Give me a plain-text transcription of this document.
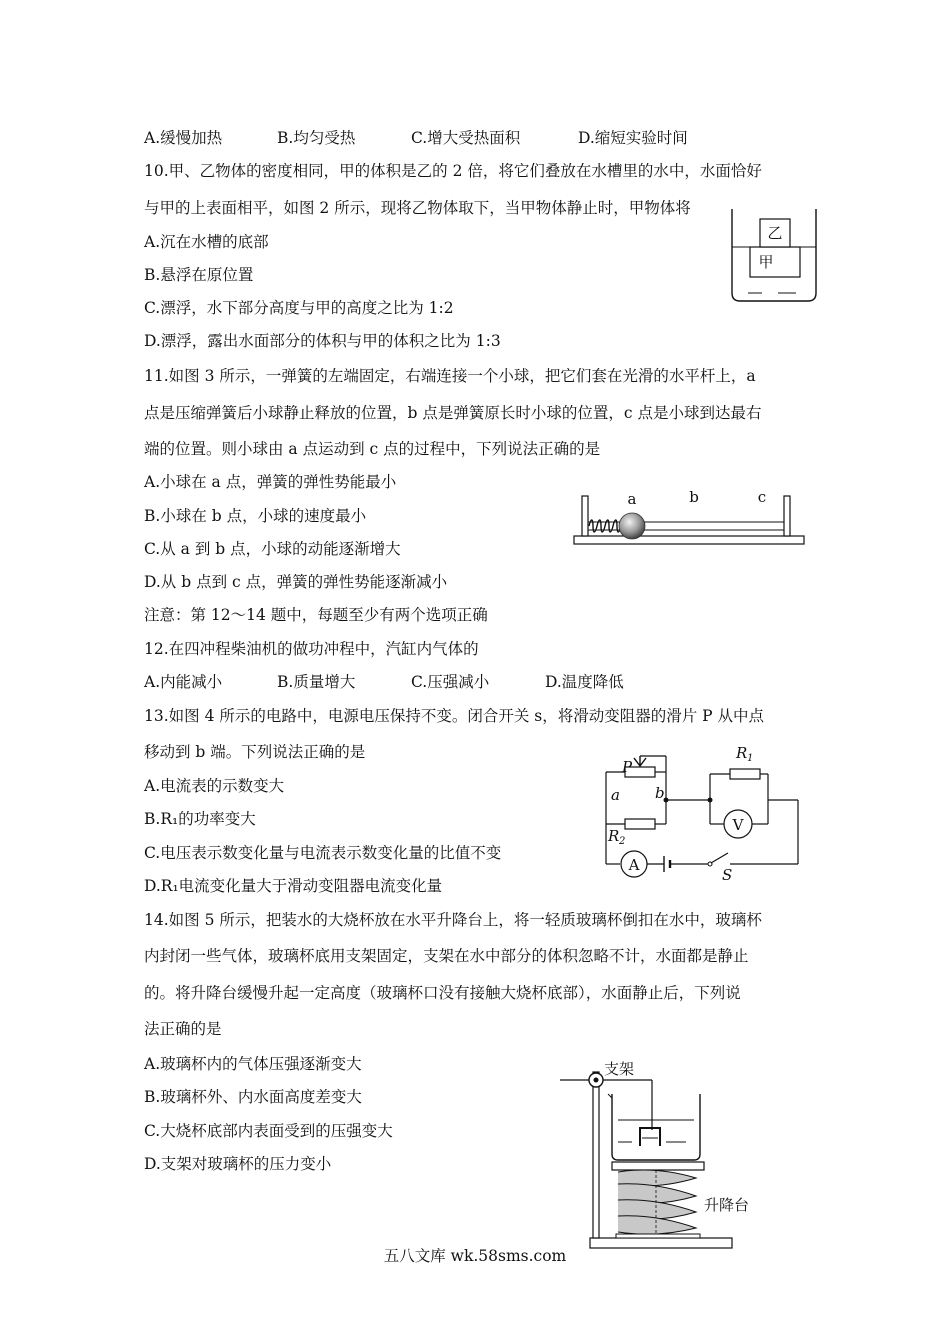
A.缓慢加热	B.均匀受热	C.增大受热面积	D.缩短实验时间
10.甲、乙物体的密度相同，甲的体积是乙的 2 倍，将它们叠放在水槽里的水中，水面恰好
与甲的上表面相平，如图 2 所示，现将乙物体取下，当甲物体静止时，甲物体将
A.沉在水槽的底部
B.悬浮在原位置
C.漂浮，水下部分高度与甲的高度之比为 1:2
D.漂浮，露出水面部分的体积与甲的体积之比为 1:3
乙
甲
11.如图 3 所示，一弹簧的左端固定，右端连接一个小球，把它们套在光滑的水平杆上，a
点是压缩弹簧后小球静止释放的位置，b 点是弹簧原长时小球的位置，c 点是小球到达最右
端的位置。则小球由 a 点运动到 c 点的过程中，下列说法正确的是
A.小球在 a 点，弹簧的弹性势能最小
B.小球在 b 点，小球的速度最小
C.从 a 到 b 点，小球的动能逐渐增大
D.从 b 点到 c 点，弹簧的弹性势能逐渐减小
a	b	c
注意：第 12～14 题中，每题至少有两个选项正确
12.在四冲程柴油机的做功冲程中，汽缸内气体的
A.内能减小	B.质量增大	C.压强减小	D.温度降低
13.如图 4 所示的电路中，电源电压保持不变。闭合开关 s，将滑动变阻器的滑片 P 从中点
移动到 b 端。下列说法正确的是
A.电流表的示数变大
B.R₁的功率变大
C.电压表示数变化量与电流表示数变化量的比值不变
D.R₁电流变化量大于滑动变阻器电流变化量
P
a b
R 1
R 2
V
A
S
14.如图 5 所示，把装水的大烧杯放在水平升降台上，将一轻质玻璃杯倒扣在水中，玻璃杯
内封闭一些气体，玻璃杯底用支架固定，支架在水中部分的体积忽略不计，水面都是静止
的。将升降台缓慢升起一定高度（玻璃杯口没有接触大烧杯底部），水面静止后，下列说
法正确的是
A.玻璃杯内的气体压强逐渐变大
B.玻璃杯外、内水面高度差变大
C.大烧杯底部内表面受到的压强变大
D.支架对玻璃杯的压力变小
支架
升降台
五八文库 wk.58sms.com
